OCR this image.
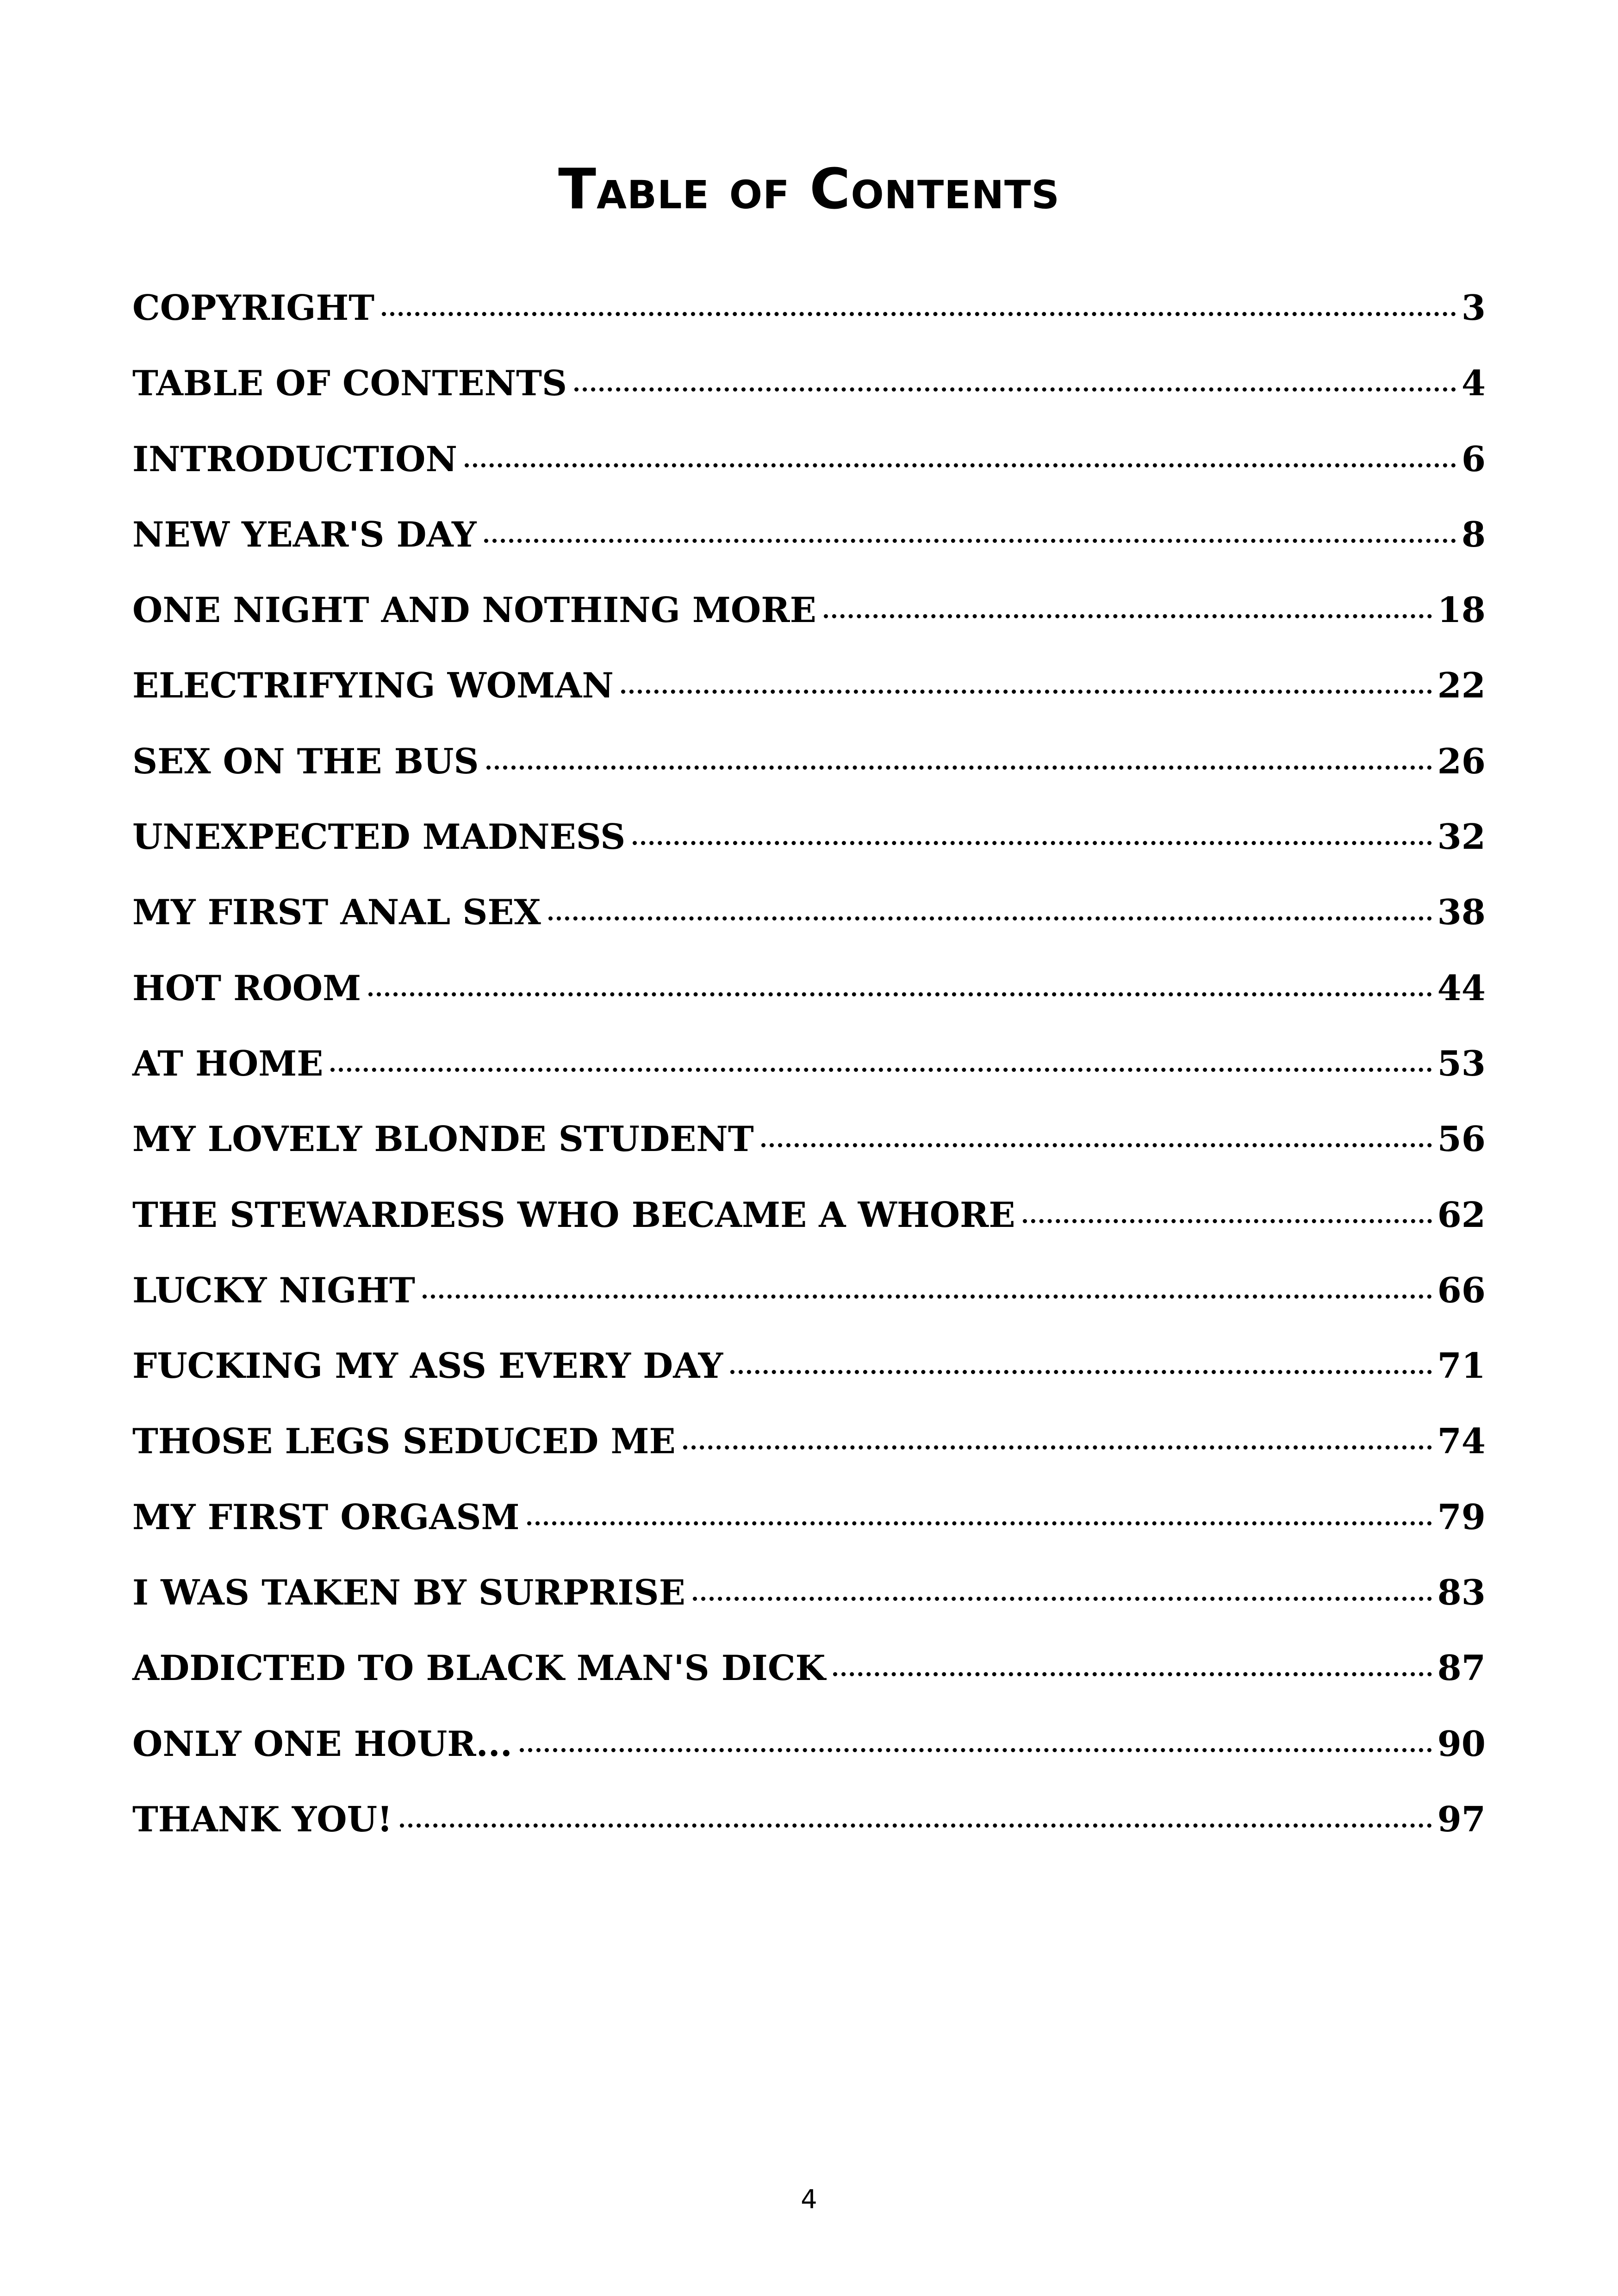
Table of Contents
COPYRIGHT	3
TABLE OF CONTENTS	4
INTRODUCTION	6
NEW YEAR'S DAY	8
ONE NIGHT AND NOTHING MORE	18
ELECTRIFYING WOMAN	22
SEX ON THE BUS	26
UNEXPECTED MADNESS	32
MY FIRST ANAL SEX	38
HOT ROOM	44
AT HOME	53
MY LOVELY BLONDE STUDENT	56
THE STEWARDESS WHO BECAME A WHORE	62
LUCKY NIGHT	66
FUCKING MY ASS EVERY DAY	71
THOSE LEGS SEDUCED ME	74
MY FIRST ORGASM	79
I WAS TAKEN BY SURPRISE	83
ADDICTED TO BLACK MAN'S DICK	87
ONLY ONE HOUR...	90
THANK YOU!	97
4
